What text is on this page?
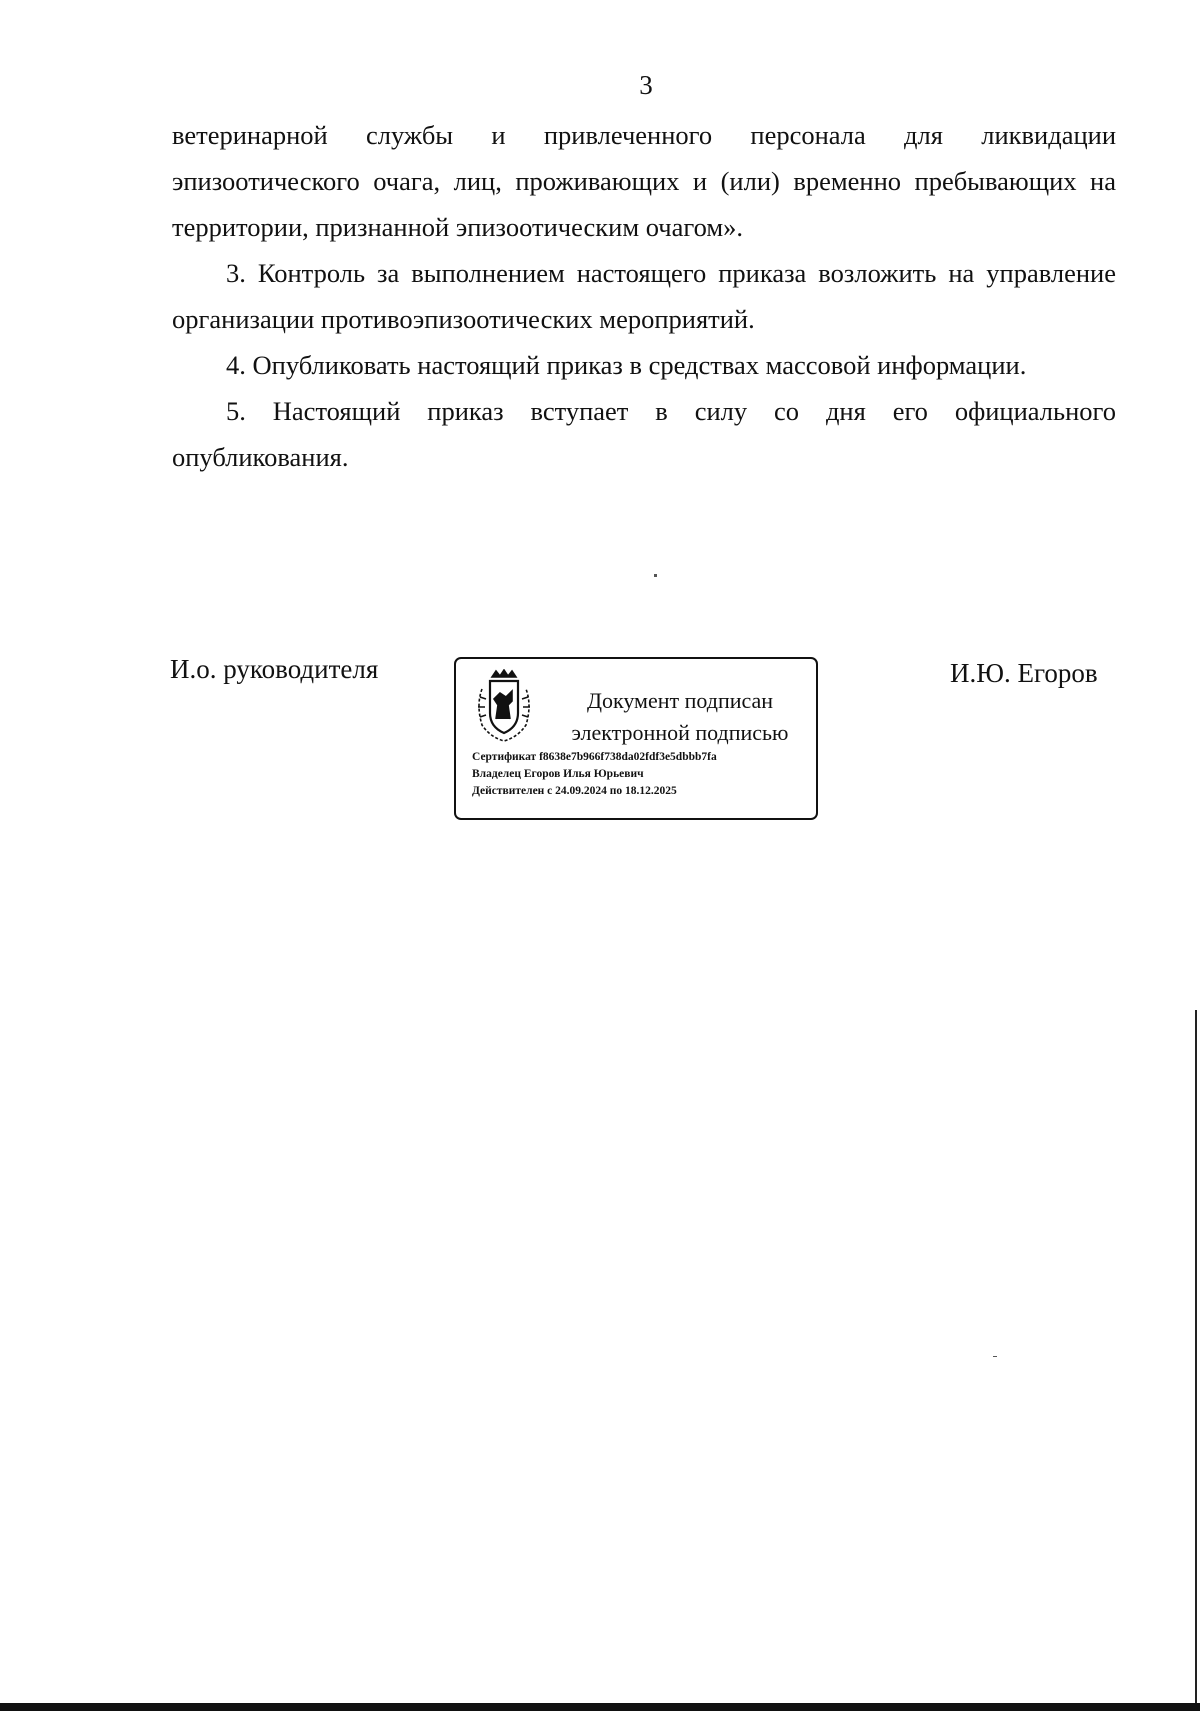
3

ветеринарной службы и привлеченного персонала для ликвидации эпизоотического очага, лиц, проживающих и (или) временно пребывающих на территории, признанной эпизоотическим очагом».

3. Контроль за выполнением настоящего приказа возложить на управление организации противоэпизоотических мероприятий.

4. Опубликовать настоящий приказ в средствах массовой информации.

5. Настоящий приказ вступает в силу со дня его официального опубликования.

И.о. руководителя
Документ подписан
электронной подписью
Сертификат f8638e7b966f738da02fdf3e5dbbb7fa
Владелец Егоров Илья Юрьевич
Действителен с 24.09.2024 по 18.12.2025
И.Ю. Егоров
